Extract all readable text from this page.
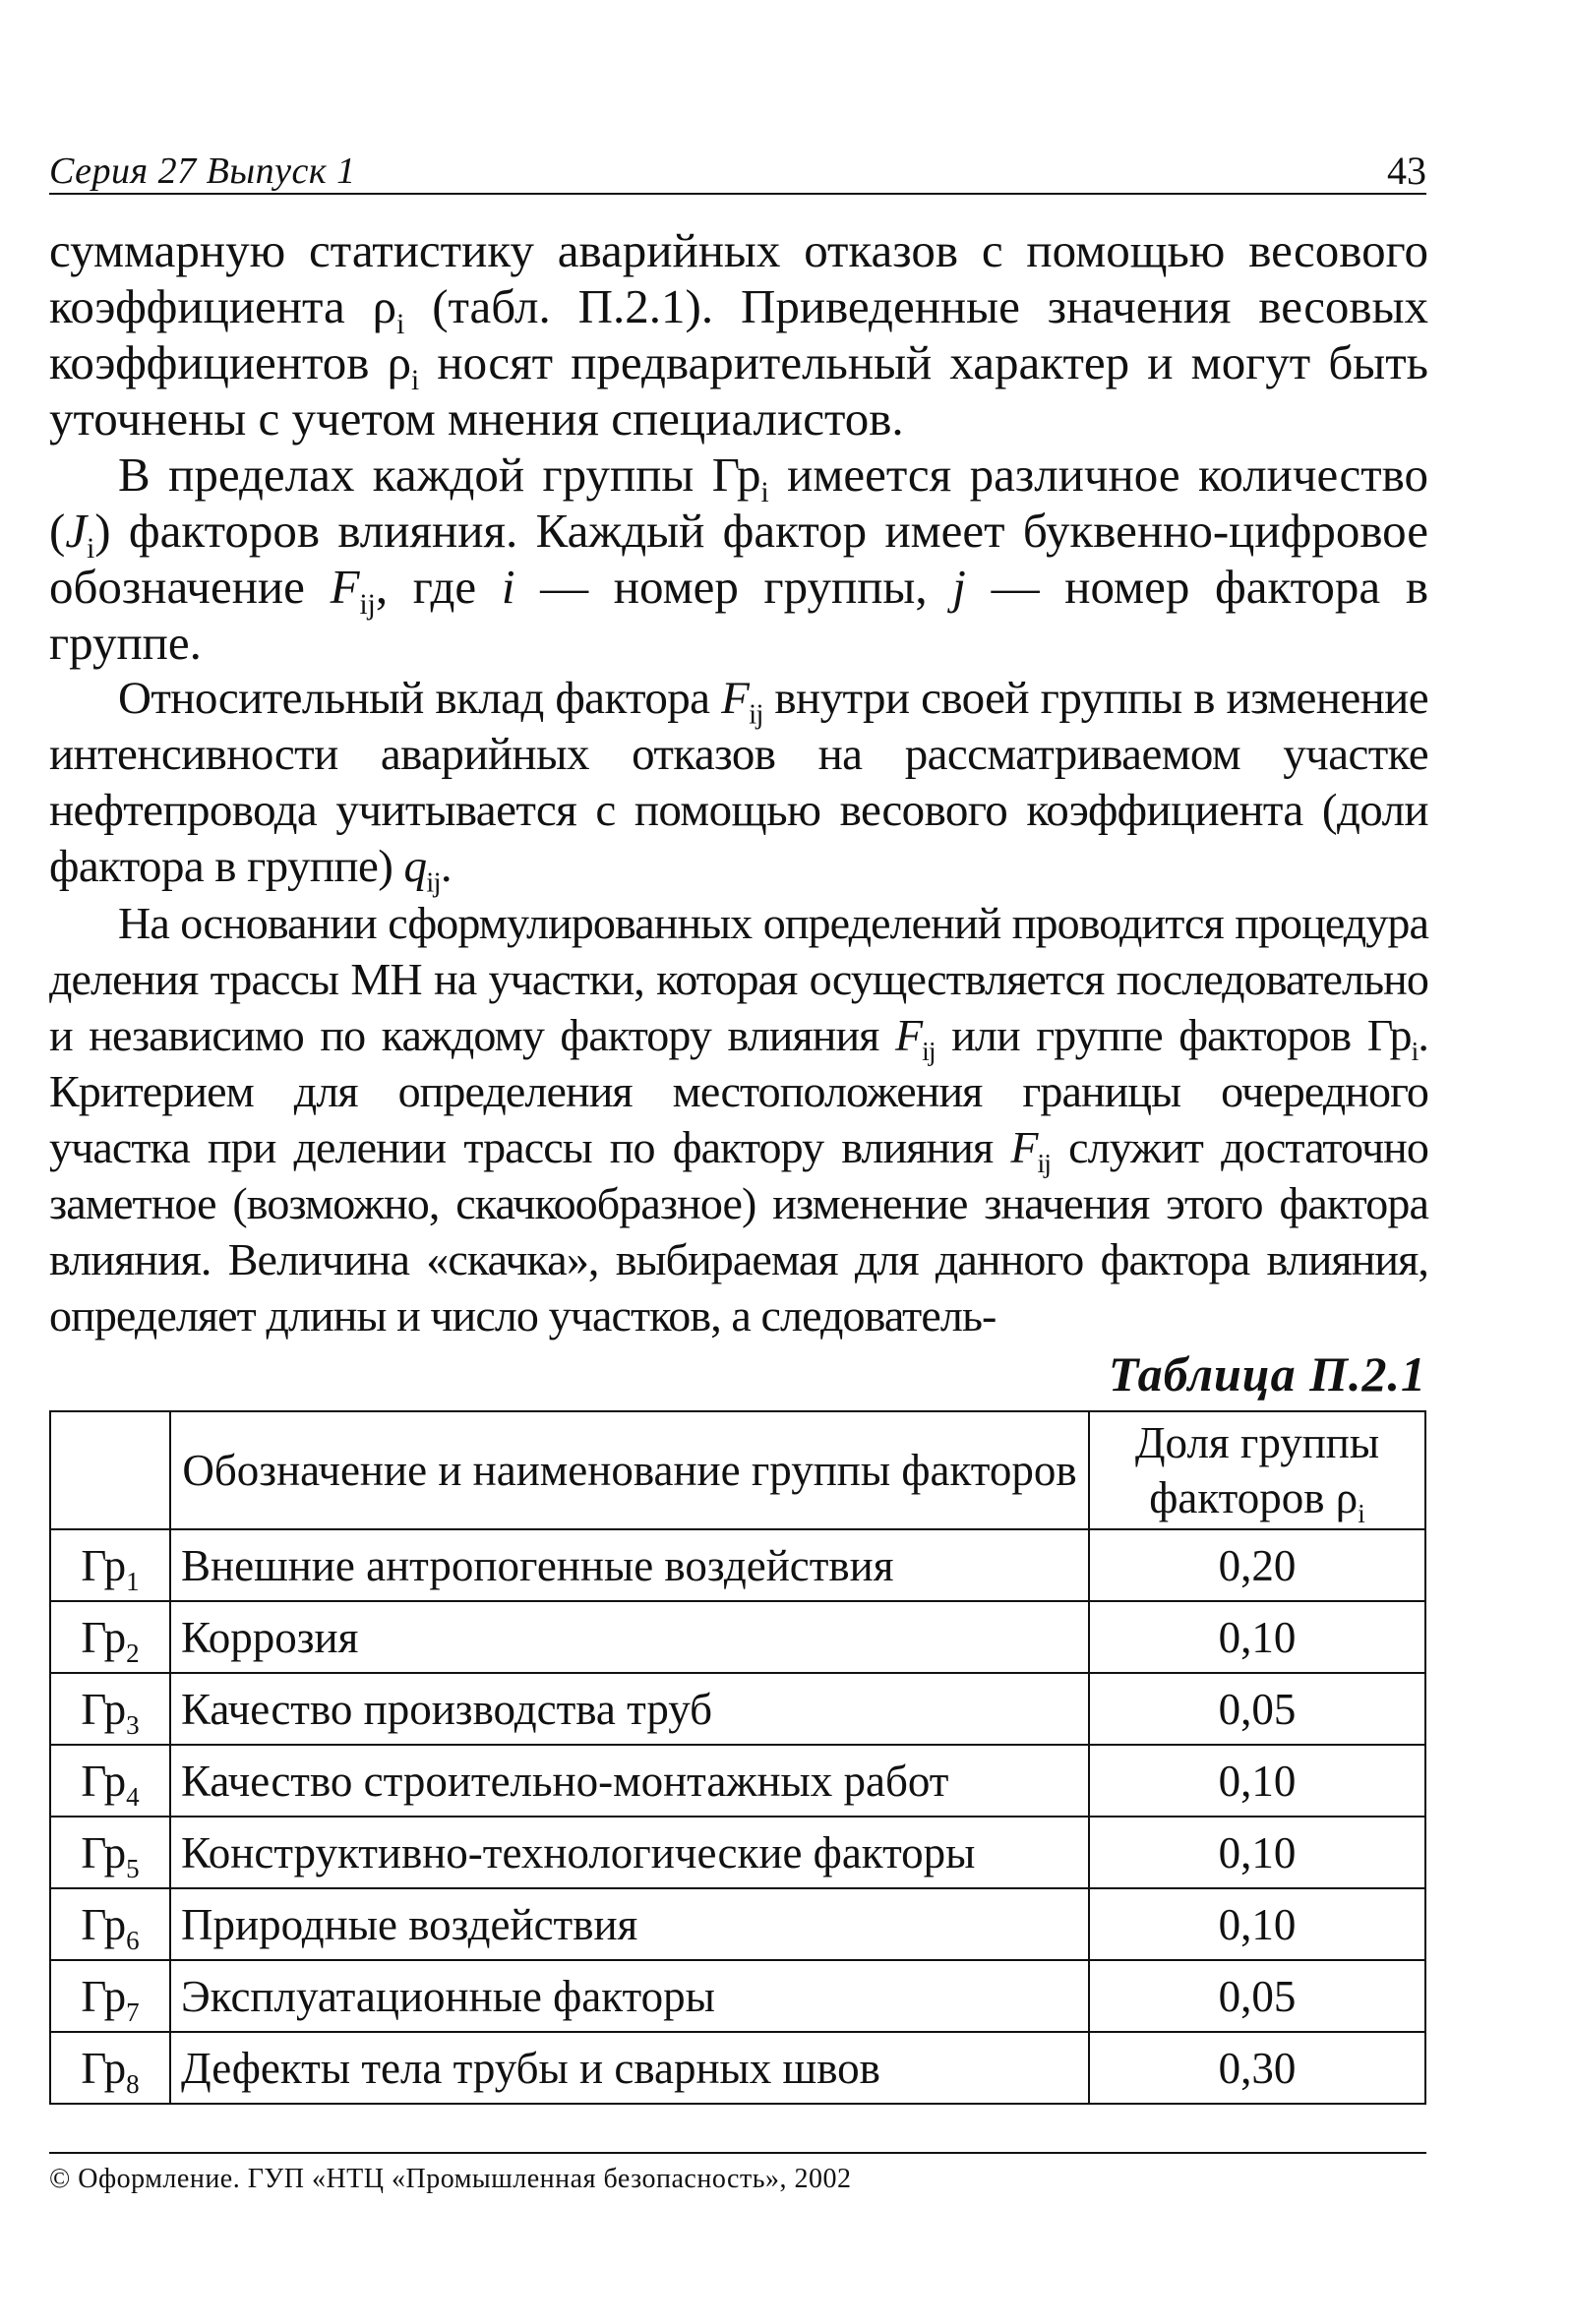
Серия 27 Выпуск 1	43

суммарную статистику аварийных отказов с помощью весового коэффициента $\rho_i$ (табл. П.2.1). Приведенные значения весовых коэффициентов $\rho_i$ носят предварительный характер и могут быть уточнены с учетом мнения специалистов.

В пределах каждой группы $Гр_i$ имеется различное количество $(J_i)$ факторов влияния. Каждый фактор имеет буквенно-цифровое обозначение $F_{ij}$, где i — номер группы, j — номер фактора в группе.

Относительный вклад фактора $F_{ij}$ внутри своей группы в изменение интенсивности аварийных отказов на рассматриваемом участке нефтепровода учитывается с помощью весового коэффициента (доли фактора в группе) $q_{ij}$.

На основании сформулированных определений проводится процедура деления трассы МН на участки, которая осуществляется последовательно и независимо по каждому фактору влияния $F_{ij}$ или группе факторов $Гр_i$. Критерием для определения местоположения границы очередного участка при делении трассы по фактору влияния $F_{ij}$ служит достаточно заметное (возможно, скачкообразное) изменение значения этого фактора влияния. Величина «скачка», выбираемая для данного фактора влияния, определяет длины и число участков, а следователь-

Таблица П.2.1
	Обозначение и наименование группы факторов	Доля группы факторов $\rho_i$
$Гр_1$	Внешние антропогенные воздействия	0,20
$Гр_2$	Коррозия	0,10
$Гр_3$	Качество производства труб	0,05
$Гр_4$	Качество строительно-монтажных работ	0,10
$Гр_5$	Конструктивно-технологические факторы	0,10
$Гр_6$	Природные воздействия	0,10
$Гр_7$	Эксплуатационные факторы	0,05
$Гр_8$	Дефекты тела трубы и сварных швов	0,30
© Оформление. ГУП «НТЦ «Промышленная безопасность», 2002
